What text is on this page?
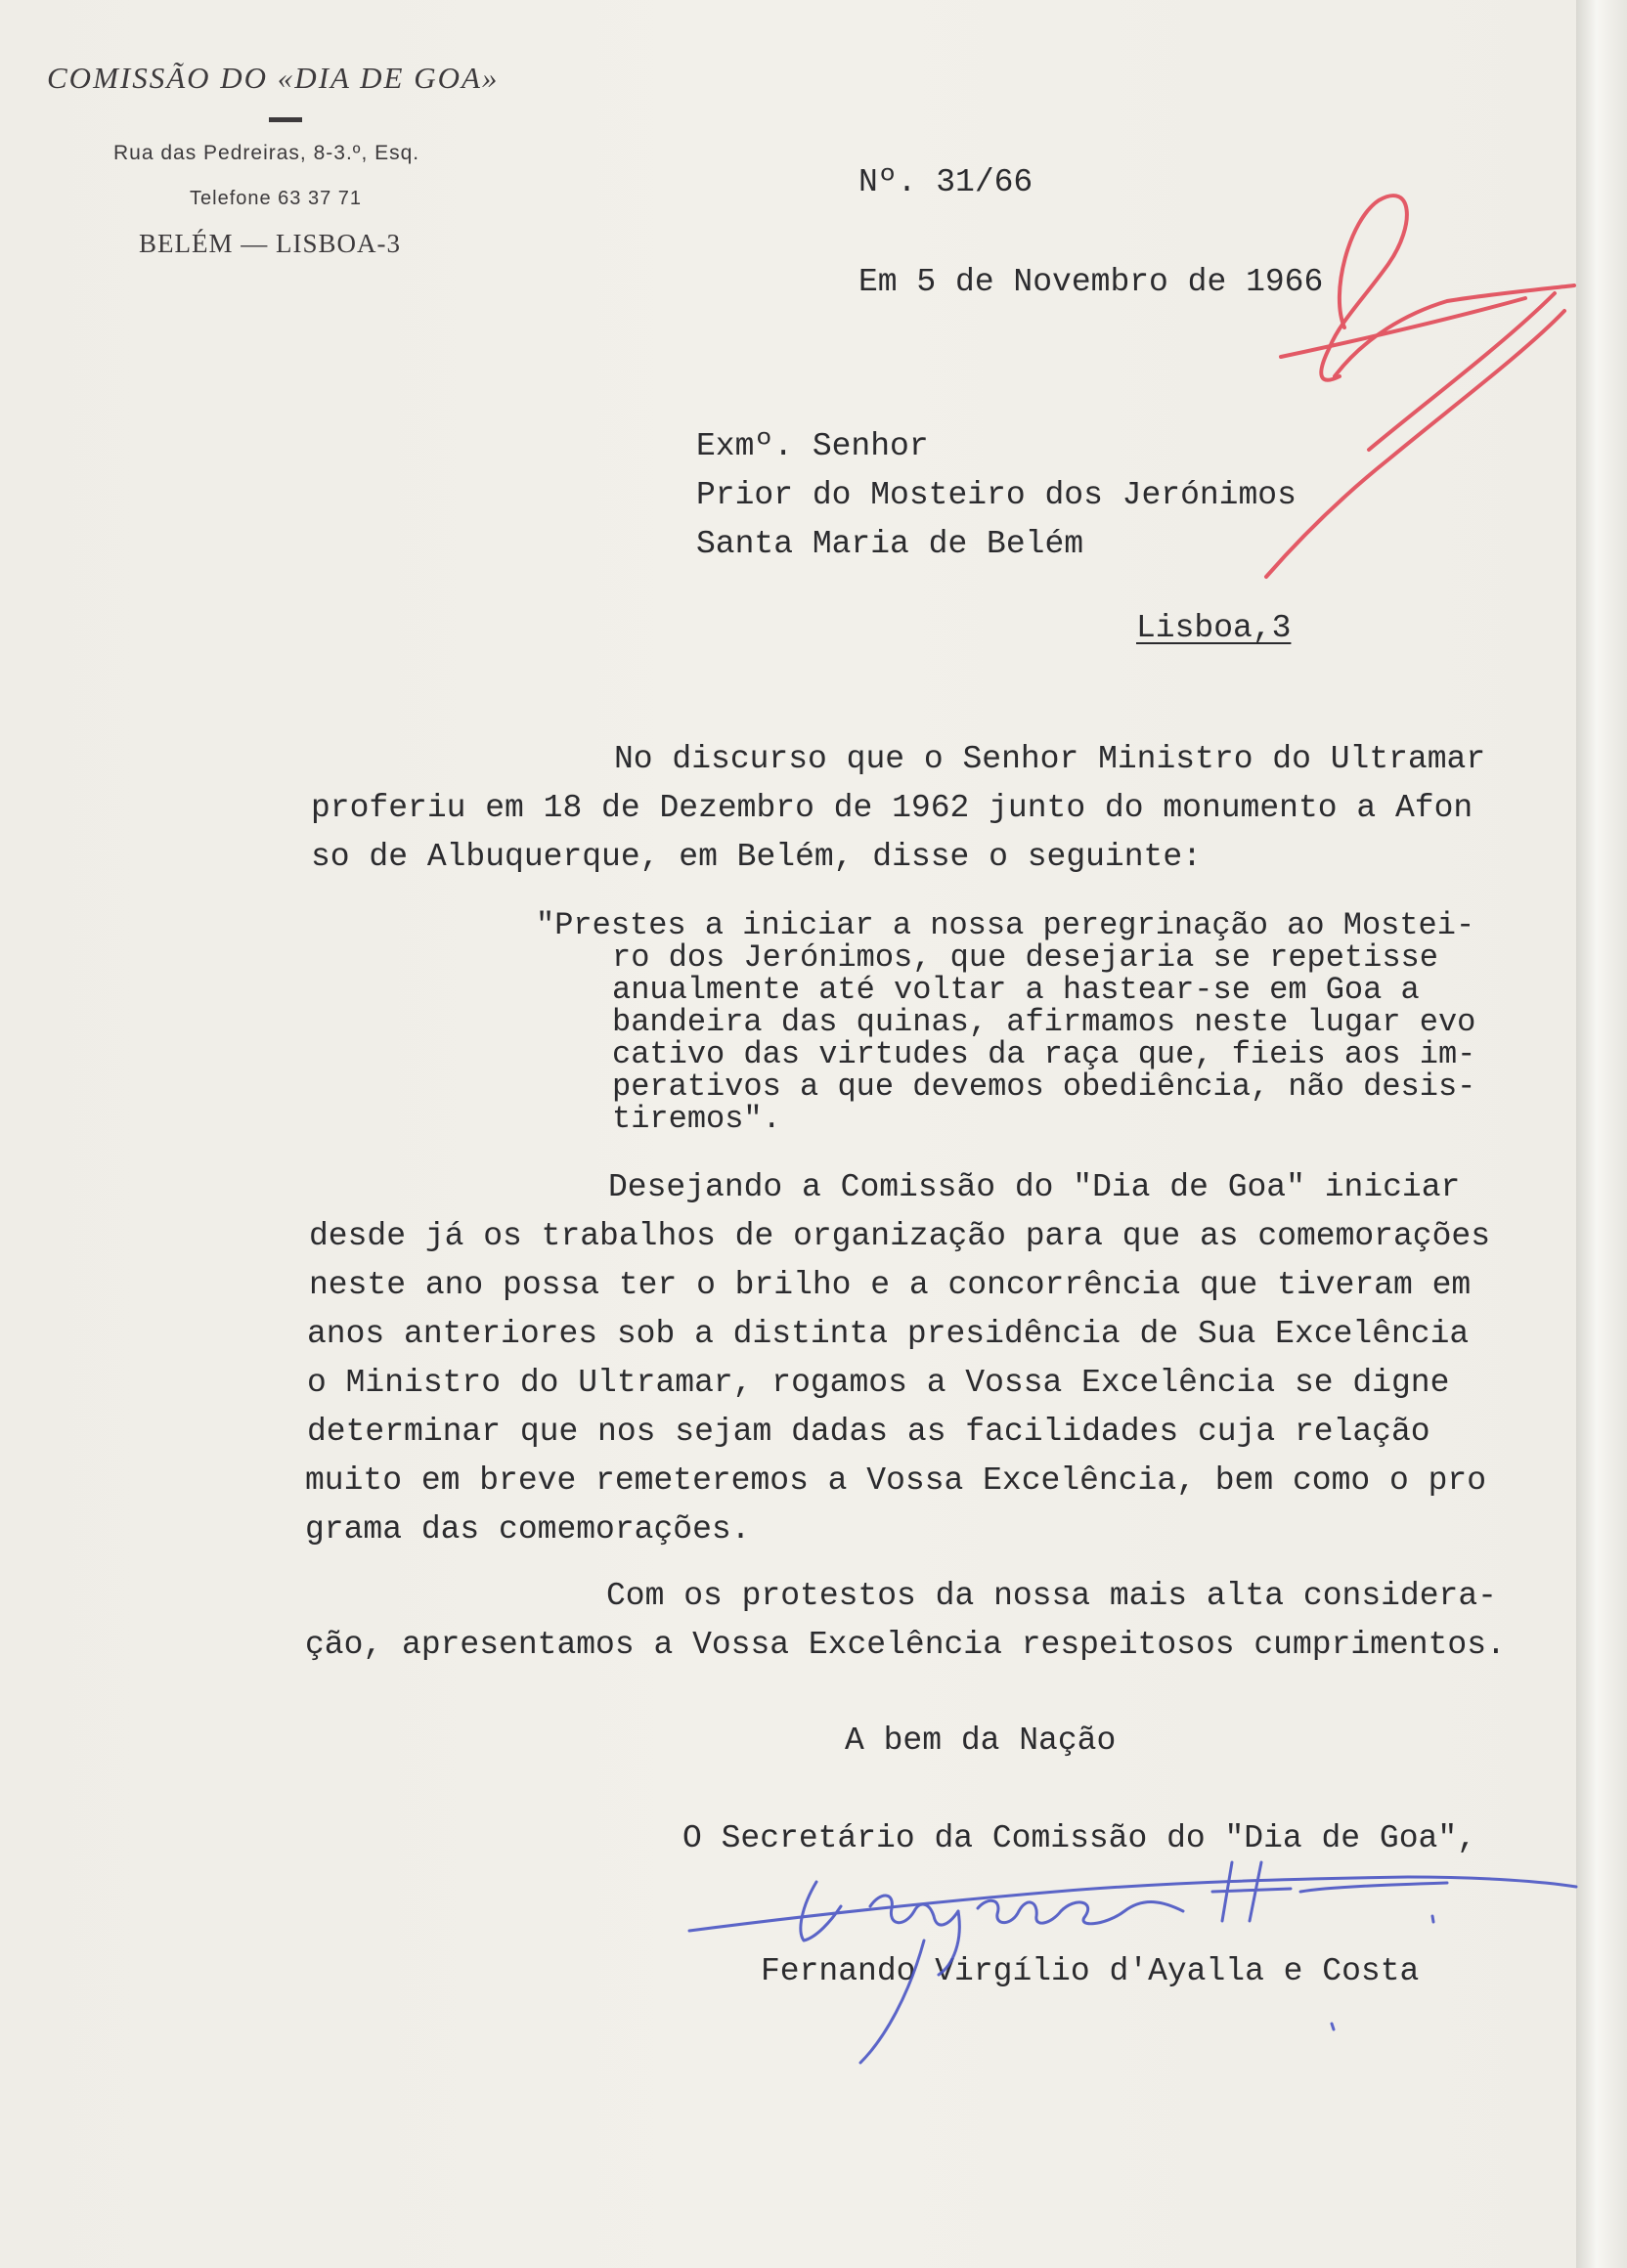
COMISSÃO DO «DIA DE GOA»
Rua das Pedreiras, 8-3.º, Esq.
Telefone 63 37 71
BELÉM — LISBOA-3
Nº. 31/66
Em 5 de Novembro de 1966
Exmº. Senhor
Prior do Mosteiro dos Jerónimos
Santa Maria de Belém
Lisboa,3
No discurso que o Senhor Ministro do Ultramar
proferiu em 18 de Dezembro de 1962 junto do monumento a Afon
so de Albuquerque, em Belém, disse o seguinte:
"Prestes a iniciar a nossa peregrinação ao Mostei-
ro dos Jerónimos, que desejaria se repetisse
anualmente até voltar a hastear-se em Goa a
bandeira das quinas, afirmamos neste lugar evo
cativo das virtudes da raça que, fieis aos im-
perativos a que devemos obediência, não desis-
tiremos".
Desejando a Comissão do "Dia de Goa" iniciar
desde já os trabalhos de organização para que as comemorações
neste ano possa ter o brilho e a concorrência que tiveram em
anos anteriores sob a distinta presidência de Sua Excelência
o Ministro do Ultramar, rogamos a Vossa Excelência se digne
determinar que nos sejam dadas as facilidades cuja relação
muito em breve remeteremos a Vossa Excelência, bem como o pro
grama das comemorações.
Com os protestos da nossa mais alta considera-
ção, apresentamos a Vossa Excelência respeitosos cumprimentos.
A bem da Nação
O Secretário da Comissão do "Dia de Goa",
Fernando Virgílio d'Ayalla e Costa
